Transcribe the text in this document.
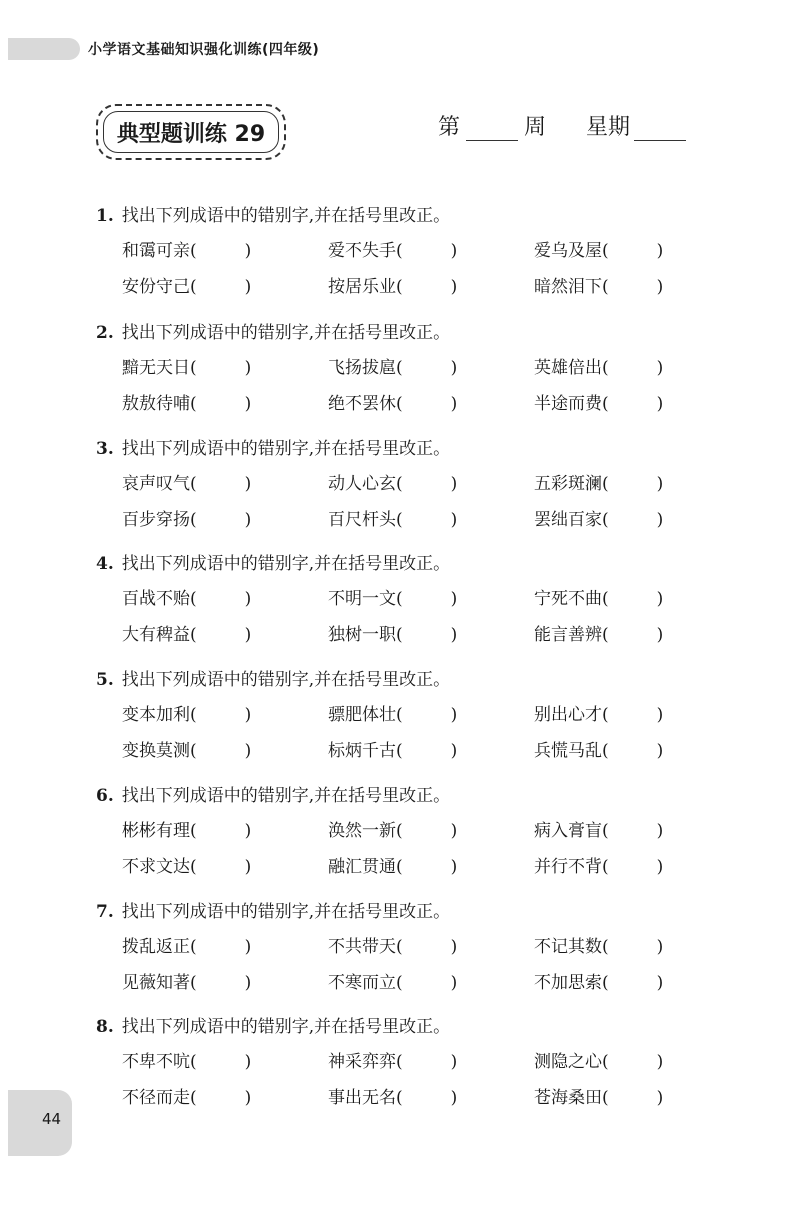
小学语文基础知识强化训练(四年级)
典型题训练 29	第	周 星期
1. 找出下列成语中的错别字,并在括号里改正。
和霭可亲(	)	爱不失手(	)	爱乌及屋(	)
安份守己(	)	按居乐业(	)	暗然泪下(	)
2. 找出下列成语中的错别字,并在括号里改正。
黯无天日(	)	飞扬拔扈(	)	英雄倍出(	)
敖敖待哺(	)	绝不罢休(	)	半途而费(	)
3. 找出下列成语中的错别字,并在括号里改正。
哀声叹气(	)	动人心玄(	)	五彩斑澜(	)
百步穿扬(	)	百尺杆头(	)	罢绌百家(	)
4. 找出下列成语中的错别字,并在括号里改正。
百战不贻(	)	不明一文(	)	宁死不曲(	)
大有稗益(	)	独树一职(	)	能言善辨(	)
5. 找出下列成语中的错别字,并在括号里改正。
变本加利(	)	骠肥体壮(	)	别出心才(	)
变换莫测(	)	标炳千古(	)	兵慌马乱(	)
6. 找出下列成语中的错别字,并在括号里改正。
彬彬有理(	)	涣然一新(	)	病入膏盲(	)
不求文达(	)	融汇贯通(	)	并行不背(	)
7. 找出下列成语中的错别字,并在括号里改正。
拨乱返正(	)	不共带天(	)	不记其数(	)
见薇知著(	)	不寒而立(	)	不加思索(	)
8. 找出下列成语中的错别字,并在括号里改正。
不卑不吭(	)	神采弈弈(	)	测隐之心(	)
不径而走(	)	事出无名(	)	苍海桑田(	)
44
